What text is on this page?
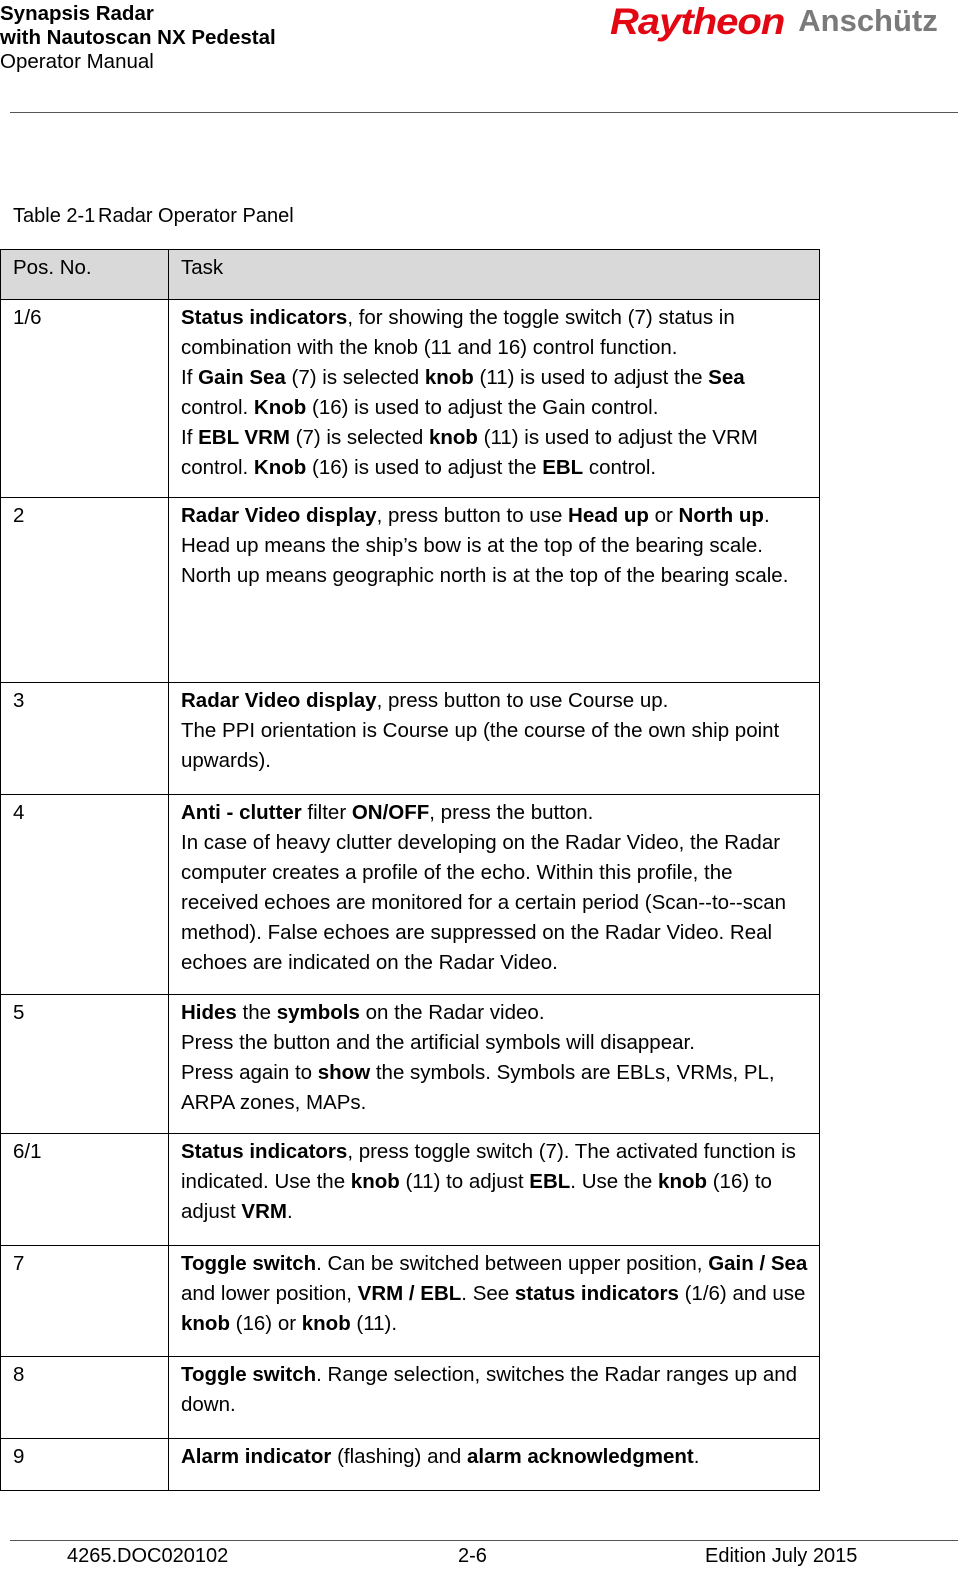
Synapsis Radar
with Nautoscan NX Pedestal
Operator Manual
Raytheon Anschütz
Table 2-1 Radar Operator Panel
Pos. No.	Task
1/6	Status indicators, for showing the toggle switch (7) status in combination with the knob (11 and 16) control function.
If Gain Sea (7) is selected knob (11) is used to adjust the Sea control. Knob (16) is used to adjust the Gain control.
If EBL VRM (7) is selected knob (11) is used to adjust the VRM control. Knob (16) is used to adjust the EBL control.

2	Radar Video display, press button to use Head up or North up.
Head up means the ship’s bow is at the top of the bearing scale.
North up means geographic north is at the top of the bearing scale.

3	Radar Video display, press button to use Course up.
The PPI orientation is Course up (the course of the own ship point upwards).

4	Anti - clutter filter ON/OFF, press the button.
In case of heavy clutter developing on the Radar Video, the Radar computer creates a profile of the echo. Within this profile, the received echoes are monitored for a certain period (Scan--to--scan method). False echoes are suppressed on the Radar Video. Real echoes are indicated on the Radar Video.

5	Hides the symbols on the Radar video.
Press the button and the artificial symbols will disappear.
Press again to show the symbols. Symbols are EBLs, VRMs, PL, ARPA zones, MAPs.

6/1	Status indicators, press toggle switch (7). The activated function is indicated. Use the knob (11) to adjust EBL. Use the knob (16) to adjust VRM.

7	Toggle switch. Can be switched between upper position, Gain / Sea and lower position, VRM / EBL. See status indicators (1/6) and use knob (16) or knob (11).

8	Toggle switch. Range selection, switches the Radar ranges up and down.

9	Alarm indicator (flashing) and alarm acknowledgment.
4265.DOC020102	2-6	Edition July 2015
